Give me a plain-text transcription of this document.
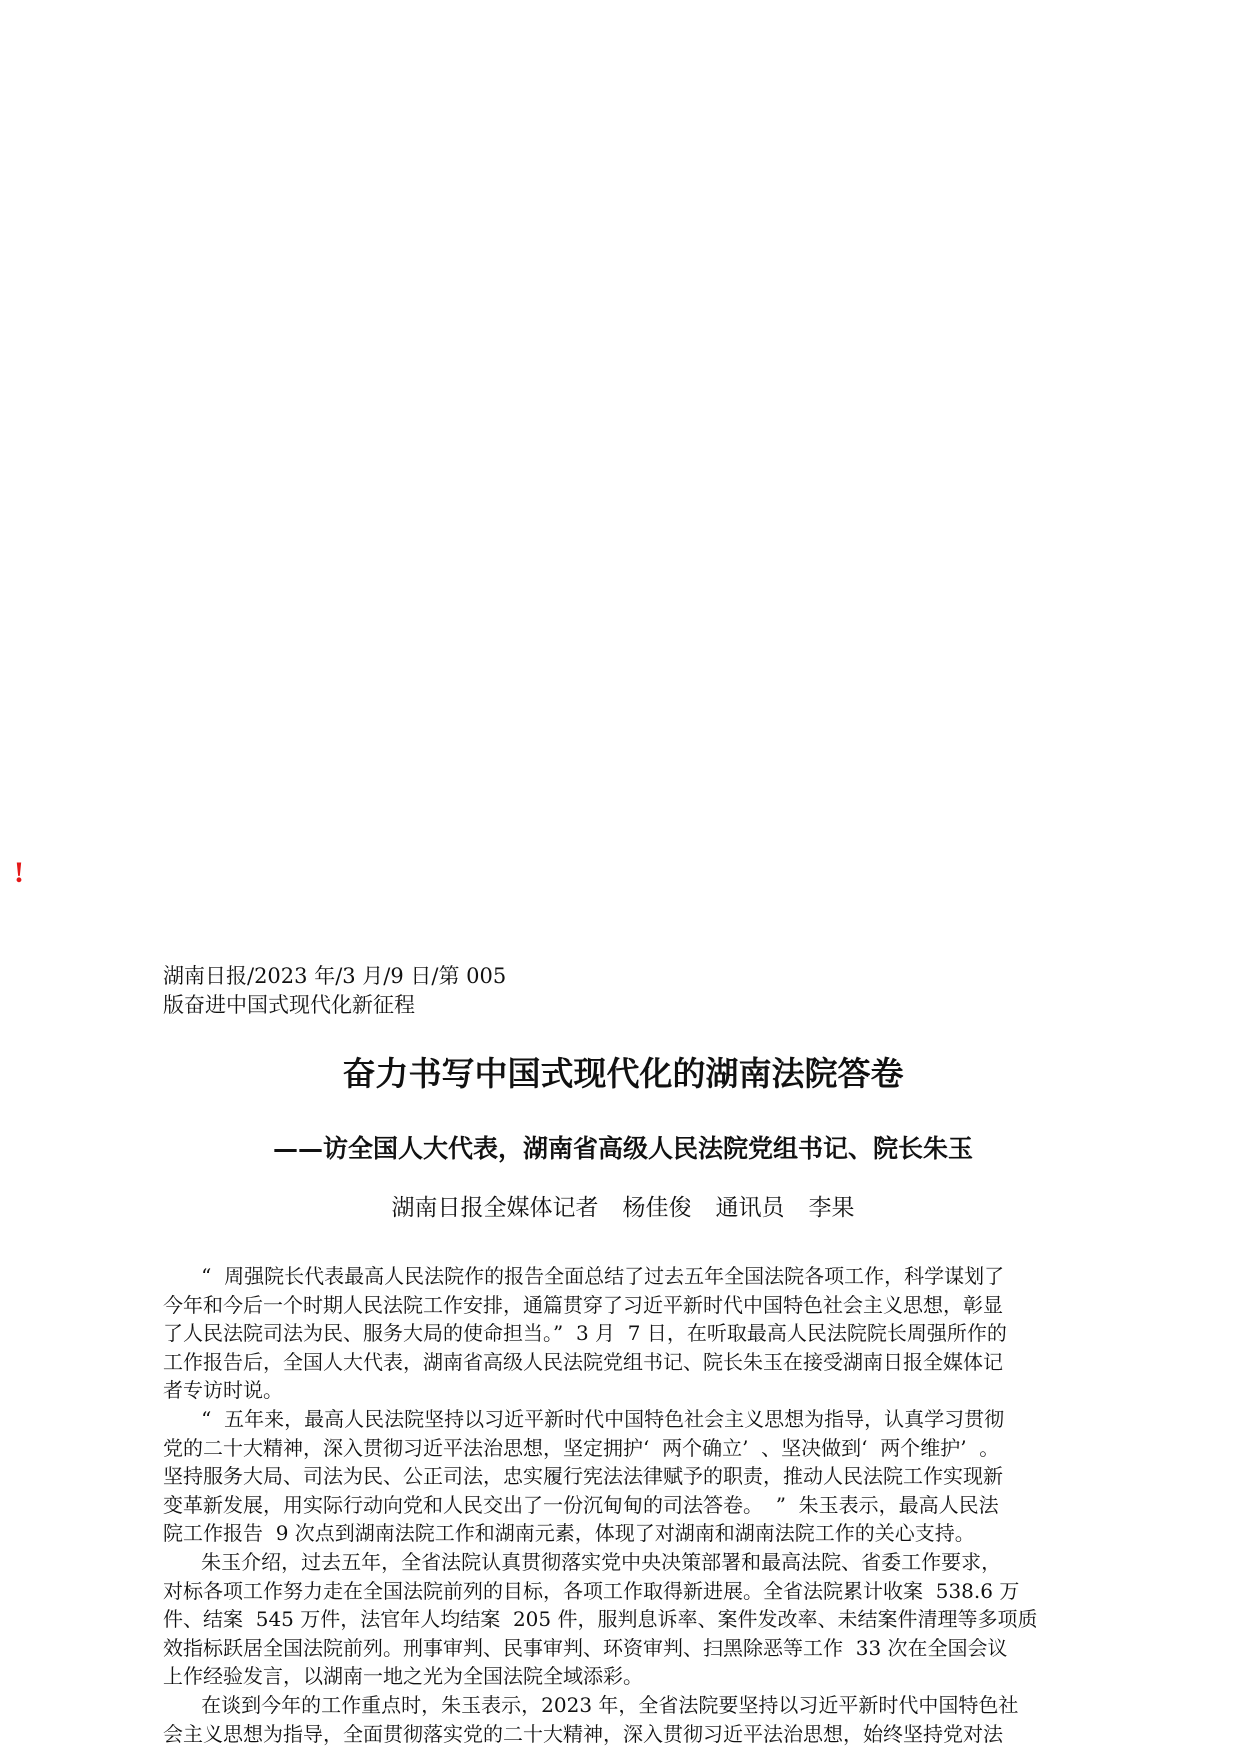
!
湖南日报/2023 年/3 月/9 日/第 005
版奋进中国式现代化新征程
奋力书写中国式现代化的湖南法院答卷
——访全国人大代表，湖南省高级人民法院党组书记、院长朱玉
湖南日报全媒体记者 杨佳俊 通讯员 李果
“  周强院长代表最高人民法院作的报告全面总结了过去五年全国法院各项工作，科学谋划了
今年和今后一个时期人民法院工作安排，通篇贯穿了习近平新时代中国特色社会主义思想，彰显
了人民法院司法为民、服务大局的使命担当。”  3 月  7 日，在听取最高人民法院院长周强所作的
工作报告后，全国人大代表，湖南省高级人民法院党组书记、院长朱玉在接受湖南日报全媒体记
者专访时说。
“  五年来，最高人民法院坚持以习近平新时代中国特色社会主义思想为指导，认真学习贯彻
党的二十大精神，深入贯彻习近平法治思想，坚定拥护‘  两个确立’  、坚决做到‘  两个维护’  。
坚持服务大局、司法为民、公正司法，忠实履行宪法法律赋予的职责，推动人民法院工作实现新
变革新发展，用实际行动向党和人民交出了一份沉甸甸的司法答卷。  ”  朱玉表示，最高人民法
院工作报告  9 次点到湖南法院工作和湖南元素，体现了对湖南和湖南法院工作的关心支持。
朱玉介绍，过去五年，全省法院认真贯彻落实党中央决策部署和最高法院、省委工作要求，
对标各项工作努力走在全国法院前列的目标，各项工作取得新进展。全省法院累计收案  538.6 万
件、结案  545 万件，法官年人均结案  205 件，服判息诉率、案件发改率、未结案件清理等多项质
效指标跃居全国法院前列。刑事审判、民事审判、环资审判、扫黑除恶等工作  33 次在全国会议
上作经验发言，以湖南一地之光为全国法院全域添彩。
在谈到今年的工作重点时，朱玉表示，2023 年，全省法院要坚持以习近平新时代中国特色社
会主义思想为指导，全面贯彻落实党的二十大精神，深入贯彻习近平法治思想，始终坚持党对法
